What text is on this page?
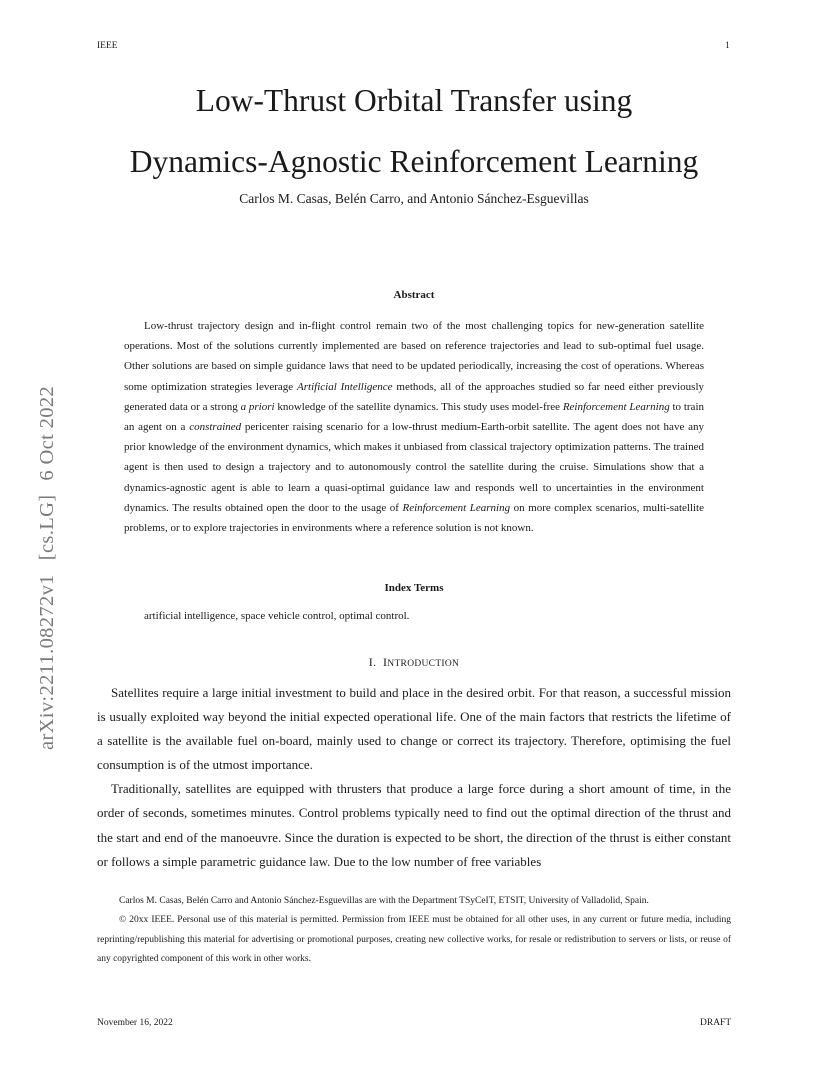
IEEE	1
Low-Thrust Orbital Transfer using
Dynamics-Agnostic Reinforcement Learning
Carlos M. Casas, Belén Carro, and Antonio Sánchez-Esguevillas
arXiv:2211.08272v1[cs.LG]6 Oct 2022
Abstract

Low-thrust trajectory design and in-flight control remain two of the most challenging topics for new-generation satellite operations. Most of the solutions currently implemented are based on reference trajectories and lead to sub-optimal fuel usage. Other solutions are based on simple guidance laws that need to be updated periodically, increasing the cost of operations. Whereas some optimization strategies leverage Artificial Intelligence methods, all of the approaches studied so far need either previously generated data or a strong a priori knowledge of the satellite dynamics. This study uses model-free Reinforcement Learning to train an agent on a constrained pericenter raising scenario for a low-thrust medium-Earth-orbit satellite. The agent does not have any prior knowledge of the environment dynamics, which makes it unbiased from classical trajectory optimization patterns. The trained agent is then used to design a trajectory and to autonomously control the satellite during the cruise. Simulations show that a dynamics-agnostic agent is able to learn a quasi-optimal guidance law and responds well to uncertainties in the environment dynamics. The results obtained open the door to the usage of Reinforcement Learning on more complex scenarios, multi-satellite problems, or to explore trajectories in environments where a reference solution is not known.

Index Terms
artificial intelligence, space vehicle control, optimal control.
I. INTRODUCTION

Satellites require a large initial investment to build and place in the desired orbit. For that reason, a successful mission is usually exploited way beyond the initial expected operational life. One of the main factors that restricts the lifetime of a satellite is the available fuel on-board, mainly used to change or correct its trajectory. Therefore, optimising the fuel consumption is of the utmost importance.

Traditionally, satellites are equipped with thrusters that produce a large force during a short amount of time, in the order of seconds, sometimes minutes. Control problems typically need to find out the optimal direction of the thrust and the start and end of the manoeuvre. Since the duration is expected to be short, the direction of the thrust is either constant or follows a simple parametric guidance law. Due to the low number of free variables

Carlos M. Casas, Belén Carro and Antonio Sánchez-Esguevillas are with the Department TSyCeIT, ETSIT, University of Valladolid, Spain.

© 20xx IEEE. Personal use of this material is permitted. Permission from IEEE must be obtained for all other uses, in any current or future media, including reprinting/republishing this material for advertising or promotional purposes, creating new collective works, for resale or redistribution to servers or lists, or reuse of any copyrighted component of this work in other works.

November 16, 2022	DRAFT
